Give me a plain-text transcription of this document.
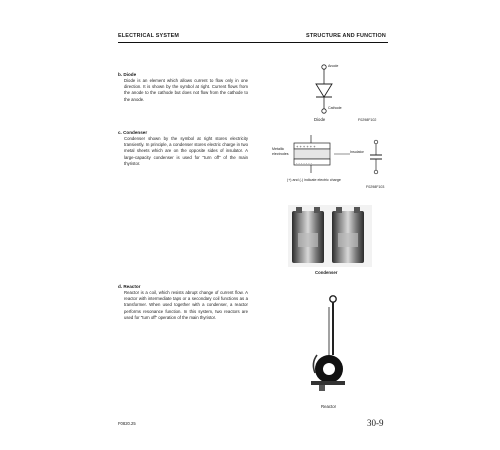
ELECTRICAL SYSTEM	STRUCTURE AND FUNCTION
b. Diode
Diode is an element which allows current to flow only in one direction. It is shown by the symbol at right. Current flows from the anode to the cathode but does not flow from the cathode to the anode.
Anode
Cathode
Diode	F0298F102
c. Condenser
Condenser shown by the symbol at right stores electricity transiently. In principle, a condenser stores electric charge in two metal sheets which are on the opposite sides of insulator. A large-capacity condenser is used for "turn off" of the main thyristor.
+ + + + + +
- - - - - - -
Metallic
electrodes	Insulator
(+) and (-) indicate electric charge
F0298F103
Condenser
d. Reactor
Reactor is a coil, which resists abrupt change of current flow. A reactor with intermediate taps or a secondary coil functions as a transformer. When used together with a condenser, a reactor performs resonance function. In this system, two reactors are used for "turn off" operation of the main thyristor.
Reactor
F0820.25	30-9
